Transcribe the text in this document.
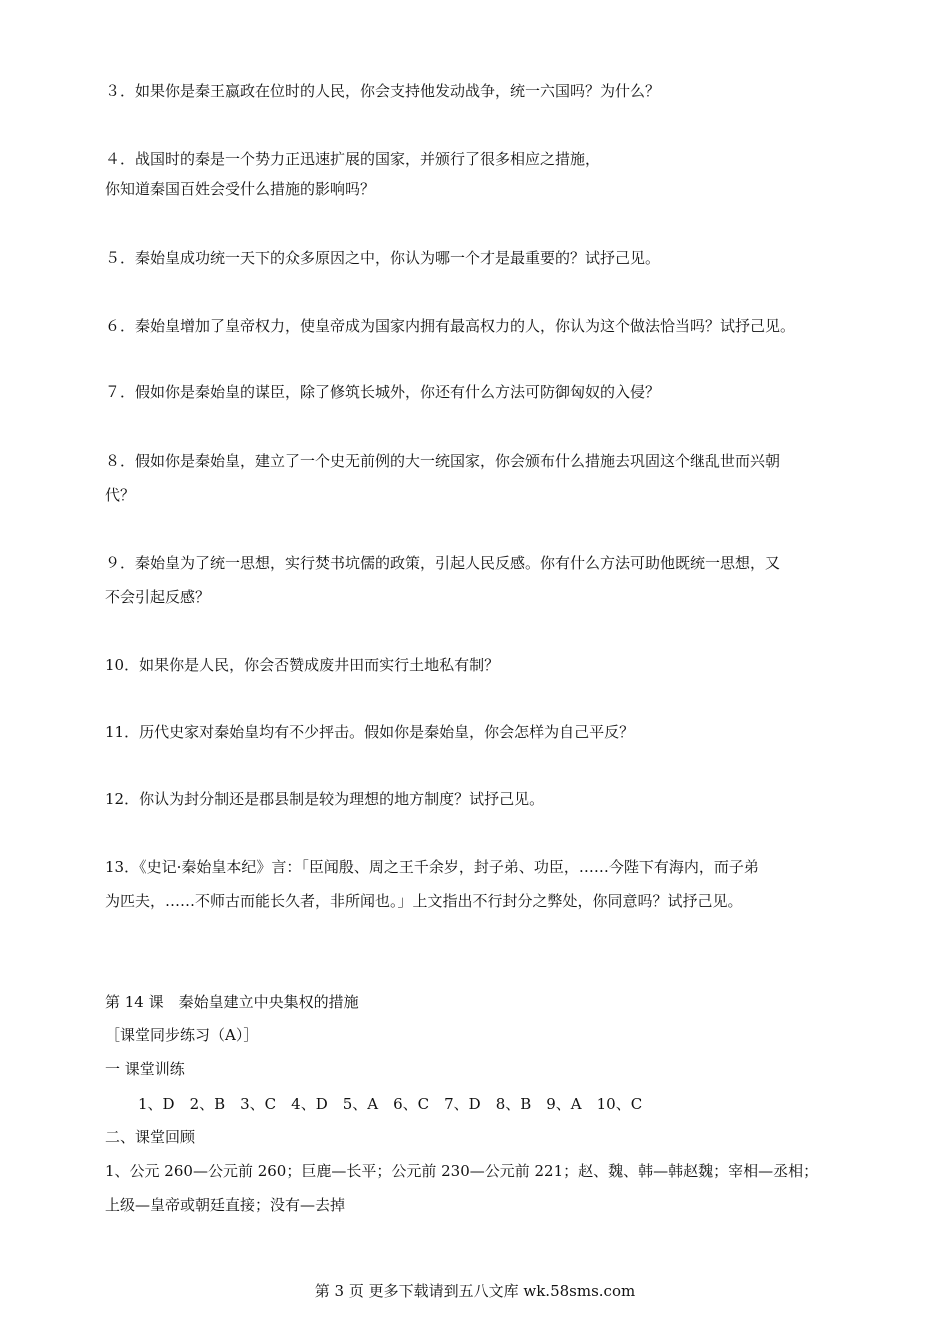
３．如果你是秦王嬴政在位时的人民，你会支持他发动战争，统一六国吗？为什么？
４．战国时的秦是一个势力正迅速扩展的国家，并颁行了很多相应之措施，
你知道秦国百姓会受什么措施的影响吗？
５．秦始皇成功统一天下的众多原因之中，你认为哪一个才是最重要的？试抒己见。
６．秦始皇增加了皇帝权力，使皇帝成为国家内拥有最高权力的人，你认为这个做法恰当吗？试抒己见。
７．假如你是秦始皇的谋臣，除了修筑长城外，你还有什么方法可防御匈奴的入侵？
８．假如你是秦始皇，建立了一个史无前例的大一统国家，你会颁布什么措施去巩固这个继乱世而兴朝
代？
９．秦始皇为了统一思想，实行焚书坑儒的政策，引起人民反感。你有什么方法可助他既统一思想，又
不会引起反感？
10．如果你是人民，你会否赞成废井田而实行土地私有制？
11．历代史家对秦始皇均有不少抨击。假如你是秦始皇，你会怎样为自己平反？
12．你认为封分制还是郡县制是较为理想的地方制度？试抒己见。
13．《史记·秦始皇本纪》言：「臣闻殷、周之王千余岁，封子弟、功臣，……今陛下有海内，而子弟
为匹夫，……不师古而能长久者，非所闻也。」上文指出不行封分之弊处，你同意吗？试抒己见。
第 14 课　秦始皇建立中央集权的措施
［课堂同步练习（A）］
一 课堂训练
1、D　2、B　3、C　4、D　5、A　6、C　7、D　8、B　9、A　10、C
二、课堂回顾
1、公元 260—公元前 260；巨鹿—长平；公元前 230—公元前 221；赵、魏、韩—韩赵魏；宰相—丞相；
上级—皇帝或朝廷直接；没有—去掉
第 3 页 更多下载请到五八文库 wk.58sms.com
